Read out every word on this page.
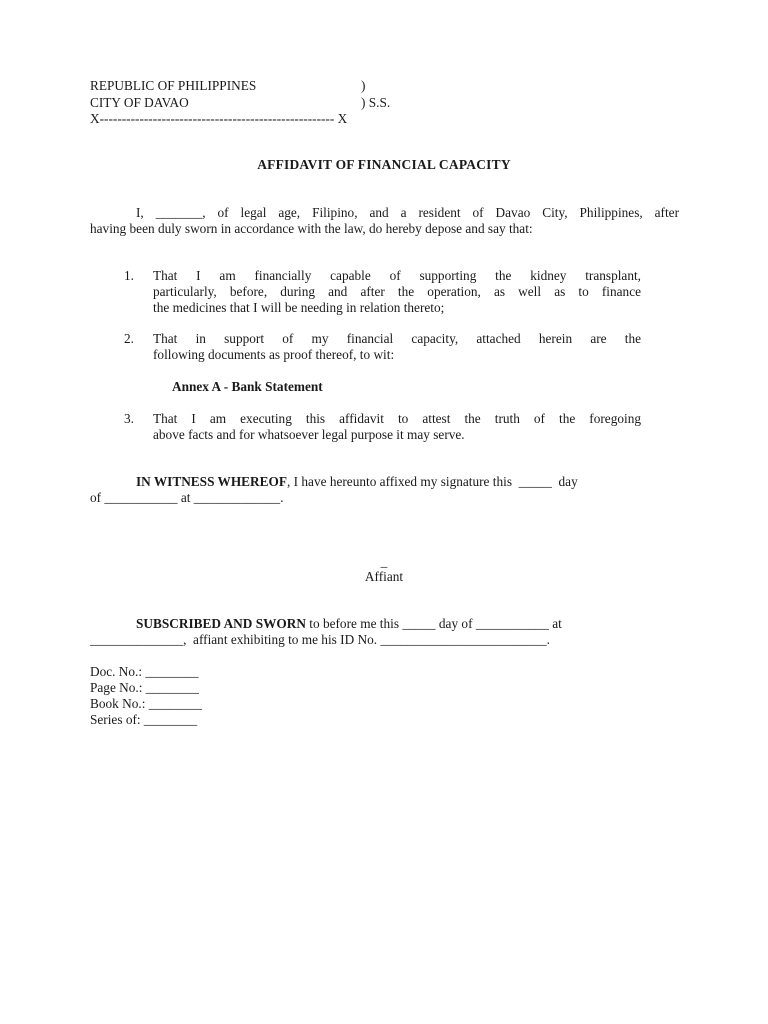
REPUBLIC OF PHILIPPINES	)
CITY OF DAVAO	) S.S.
X----------------------------------------------------- X
AFFIDAVIT OF FINANCIAL CAPACITY
I, _______, of legal age, Filipino, and a resident of Davao City, Philippines, after
having been duly sworn in accordance with the law, do hereby depose and say that:
1. That I am financially capable of supporting the kidney transplant,
particularly, before, during and after the operation, as well as to finance
the medicines that I will be needing in relation thereto;
2. That in support of my financial capacity, attached herein are the
following documents as proof thereof, to wit:
Annex A - Bank Statement
3. That I am executing this affidavit to attest the truth of the foregoing
above facts and for whatsoever legal purpose it may serve.
IN WITNESS WHEREOF, I have hereunto affixed my signature this  _____  day
of ___________ at _____________.
_
Affiant
SUBSCRIBED AND SWORN to before me this _____ day of ___________ at
______________,  affiant exhibiting to me his ID No. _________________________.
Doc. No.: ________
Page No.: ________
Book No.: ________
Series of: ________
